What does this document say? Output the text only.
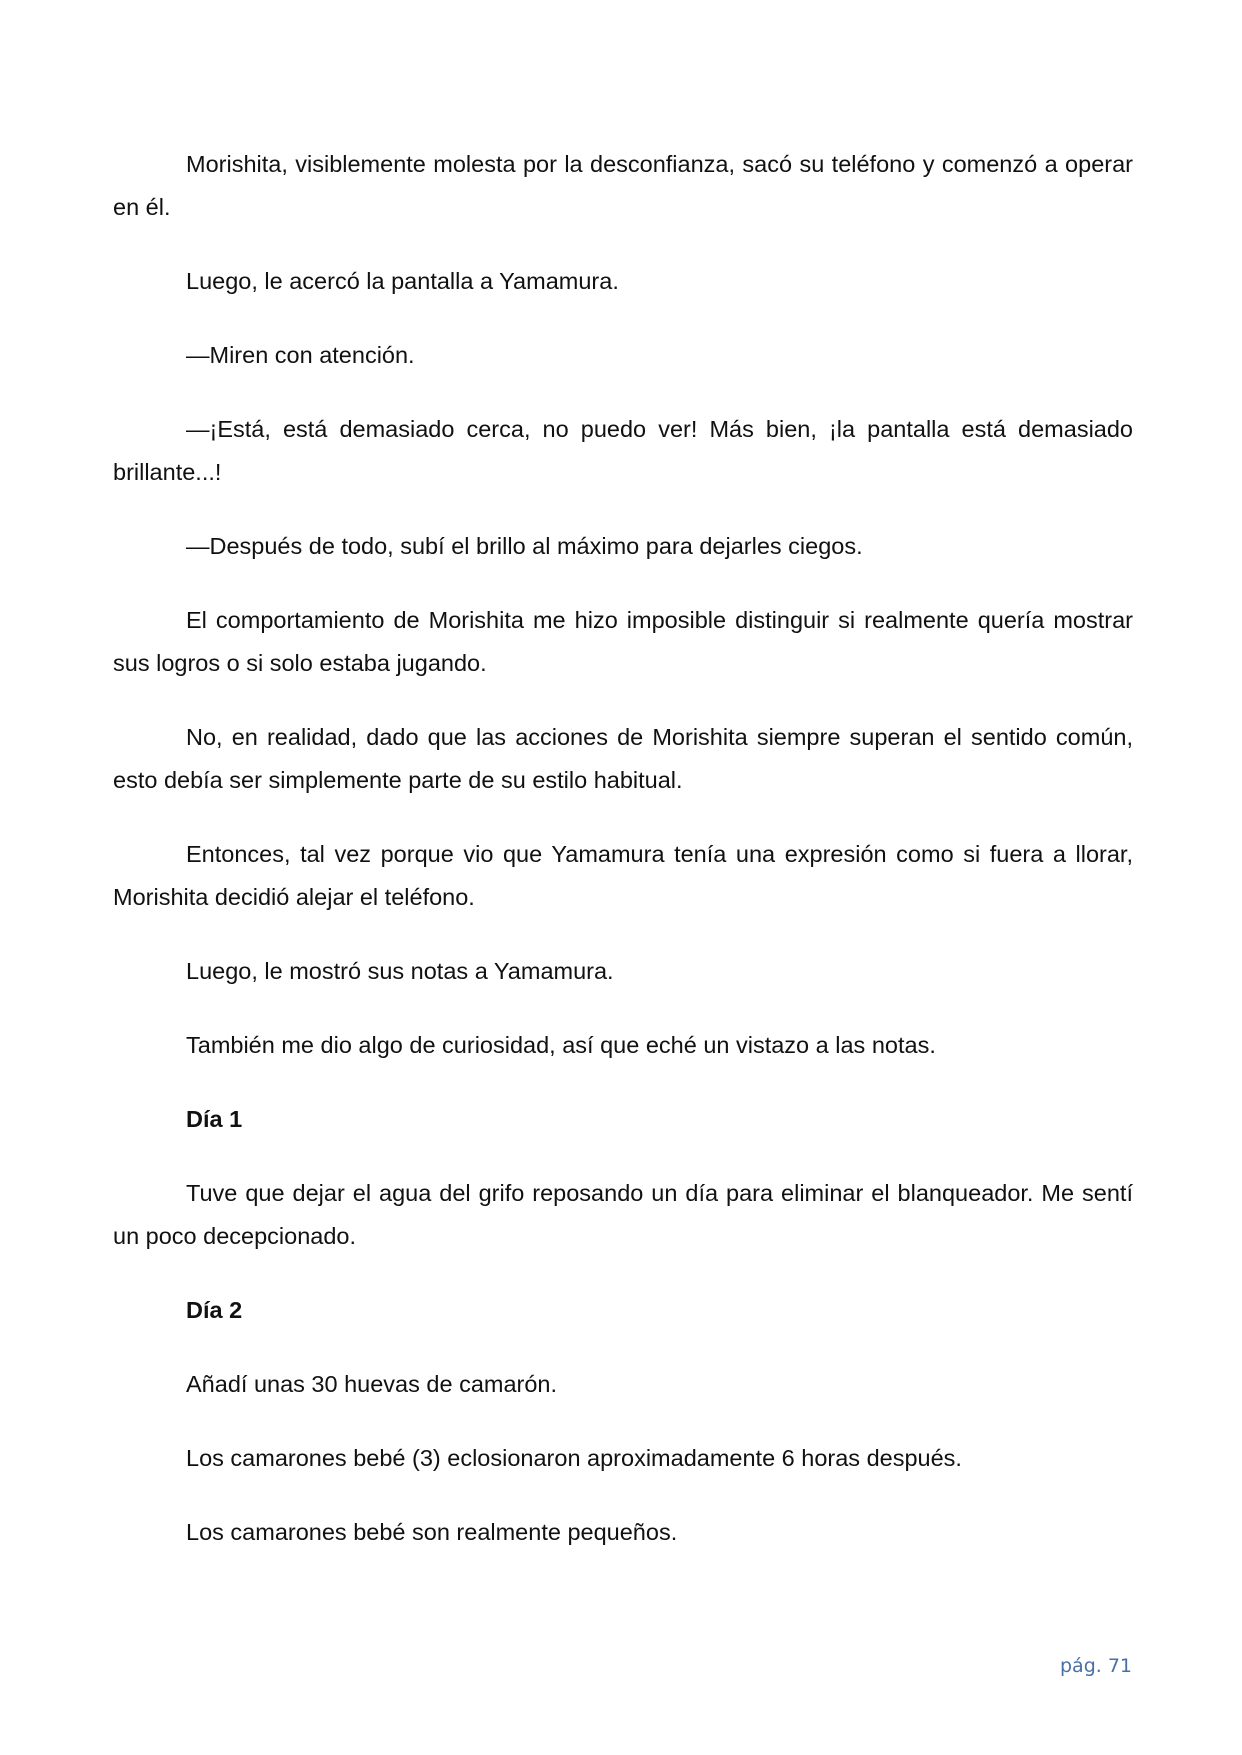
Morishita, visiblemente molesta por la desconfianza, sacó su teléfono y comenzó a operar en él.

Luego, le acercó la pantalla a Yamamura.

—Miren con atención.

—¡Está, está demasiado cerca, no puedo ver! Más bien, ¡la pantalla está demasiado brillante...!

—Después de todo, subí el brillo al máximo para dejarles ciegos.

El comportamiento de Morishita me hizo imposible distinguir si realmente quería mostrar sus logros o si solo estaba jugando.

No, en realidad, dado que las acciones de Morishita siempre superan el sentido común, esto debía ser simplemente parte de su estilo habitual.

Entonces, tal vez porque vio que Yamamura tenía una expresión como si fuera a llorar, Morishita decidió alejar el teléfono.

Luego, le mostró sus notas a Yamamura.

También me dio algo de curiosidad, así que eché un vistazo a las notas.

Día 1

Tuve que dejar el agua del grifo reposando un día para eliminar el blanqueador. Me sentí un poco decepcionado.

Día 2

Añadí unas 30 huevas de camarón.

Los camarones bebé (3) eclosionaron aproximadamente 6 horas después.

Los camarones bebé son realmente pequeños.

pág. 71
